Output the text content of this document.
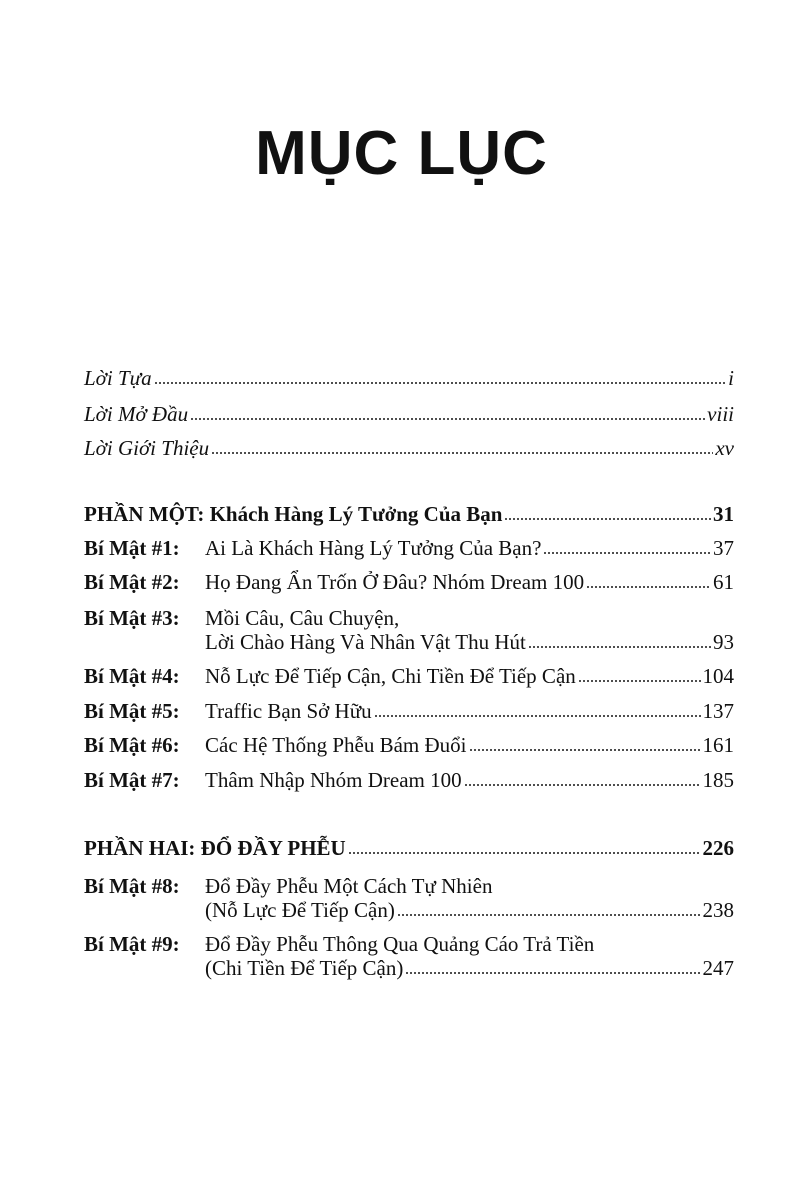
MỤC LỤC
Lời Tựa	i
Lời Mở Đầu	viii
Lời Giới Thiệu	xv
PHẦN MỘT: Khách Hàng Lý Tưởng Của Bạn	31
Bí Mật #1:	Ai Là Khách Hàng Lý Tưởng Của Bạn?	37
Bí Mật #2:	Họ Đang Ẩn Trốn Ở Đâu? Nhóm Dream 100	61
Bí Mật #3:	Mồi Câu, Câu Chuyện,
Lời Chào Hàng Và Nhân Vật Thu Hút	93
Bí Mật #4:	Nỗ Lực Để Tiếp Cận, Chi Tiền Để Tiếp Cận	104
Bí Mật #5:	Traffic Bạn Sở Hữu	137
Bí Mật #6:	Các Hệ Thống Phễu Bám Đuổi	161
Bí Mật #7:	Thâm Nhập Nhóm Dream 100	185
PHẦN HAI: ĐỔ ĐẦY PHỄU	226
Bí Mật #8:	Đổ Đầy Phễu Một Cách Tự Nhiên
(Nỗ Lực Để Tiếp Cận)	238
Bí Mật #9:	Đổ Đầy Phễu Thông Qua Quảng Cáo Trả Tiền
(Chi Tiền Để Tiếp Cận)	247
